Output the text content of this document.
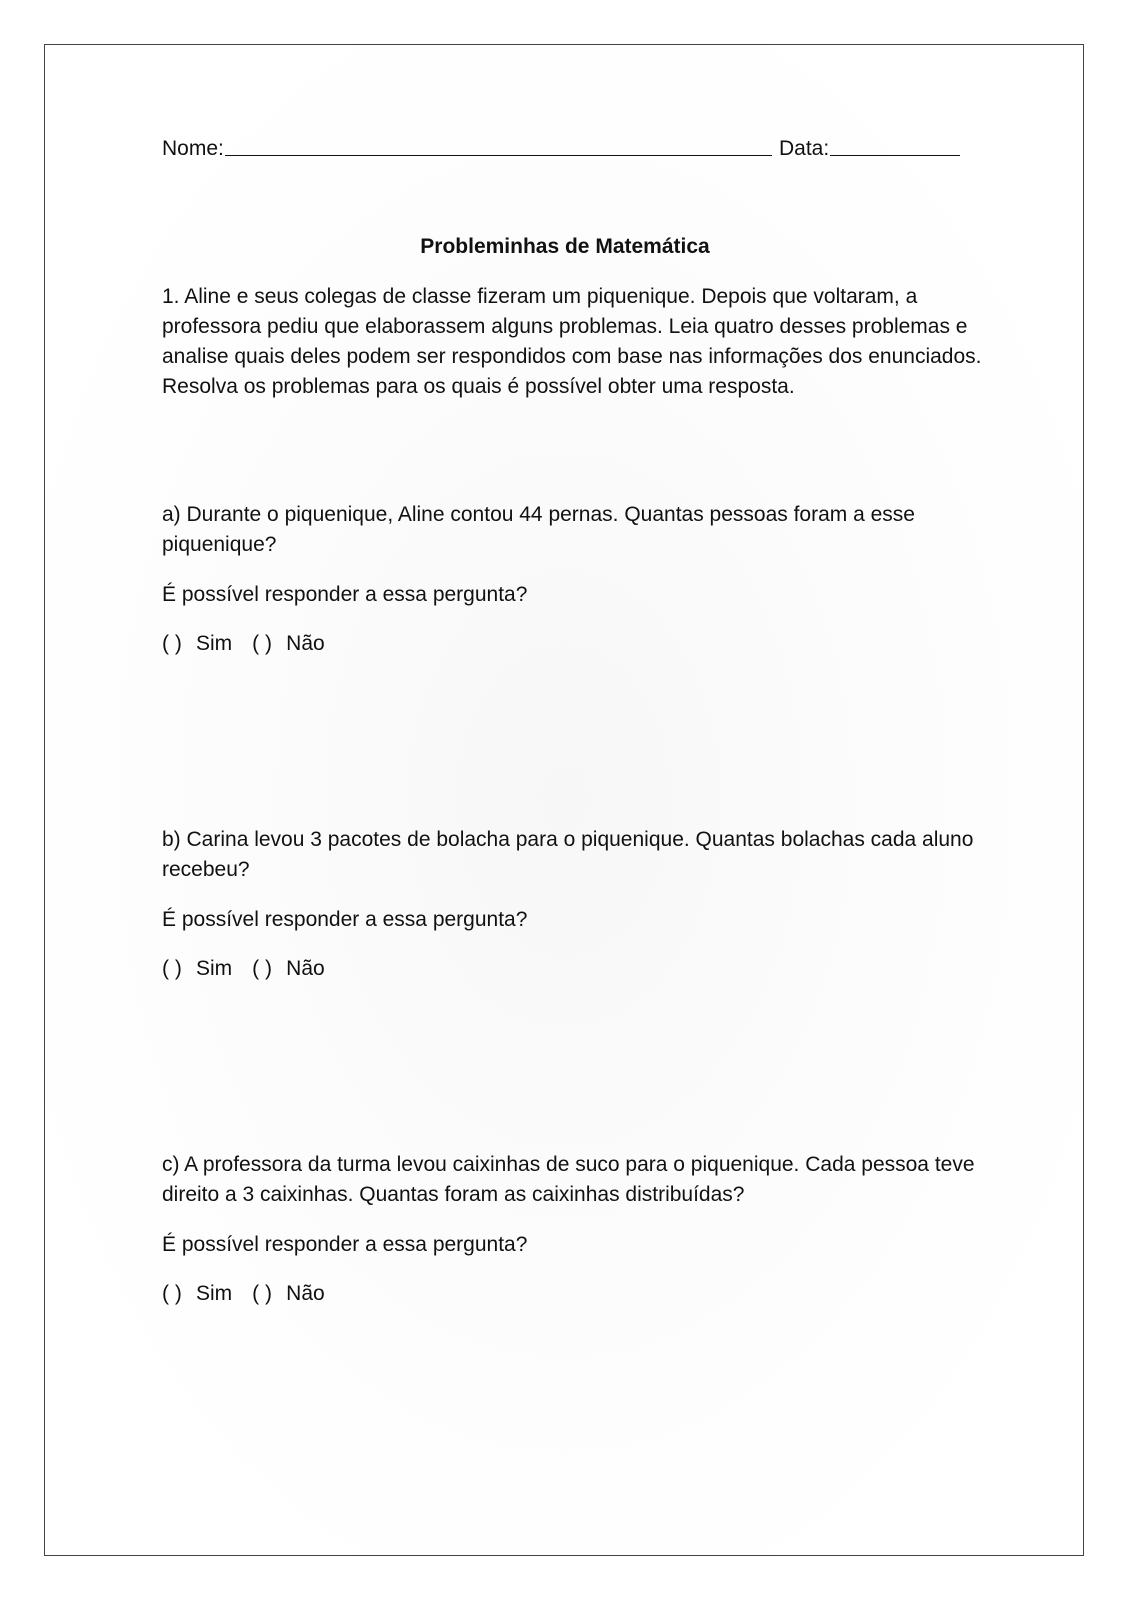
Nome:	Data:
Probleminhas de Matemática

1. Aline e seus colegas de classe fizeram um piquenique. Depois que voltaram, a professora pediu que elaborassem alguns problemas. Leia quatro desses problemas e analise quais deles podem ser respondidos com base nas informações dos enunciados. Resolva os problemas para os quais é possível obter uma resposta.

a) Durante o piquenique, Aline contou 44 pernas. Quantas pessoas foram a esse piquenique?

É possível responder a essa pergunta?

( ) Sim ( ) Não

b) Carina levou 3 pacotes de bolacha para o piquenique. Quantas bolachas cada aluno recebeu?

É possível responder a essa pergunta?

( ) Sim ( ) Não

c) A professora da turma levou caixinhas de suco para o piquenique. Cada pessoa teve direito a 3 caixinhas. Quantas foram as caixinhas distribuídas?

É possível responder a essa pergunta?

( ) Sim ( ) Não
